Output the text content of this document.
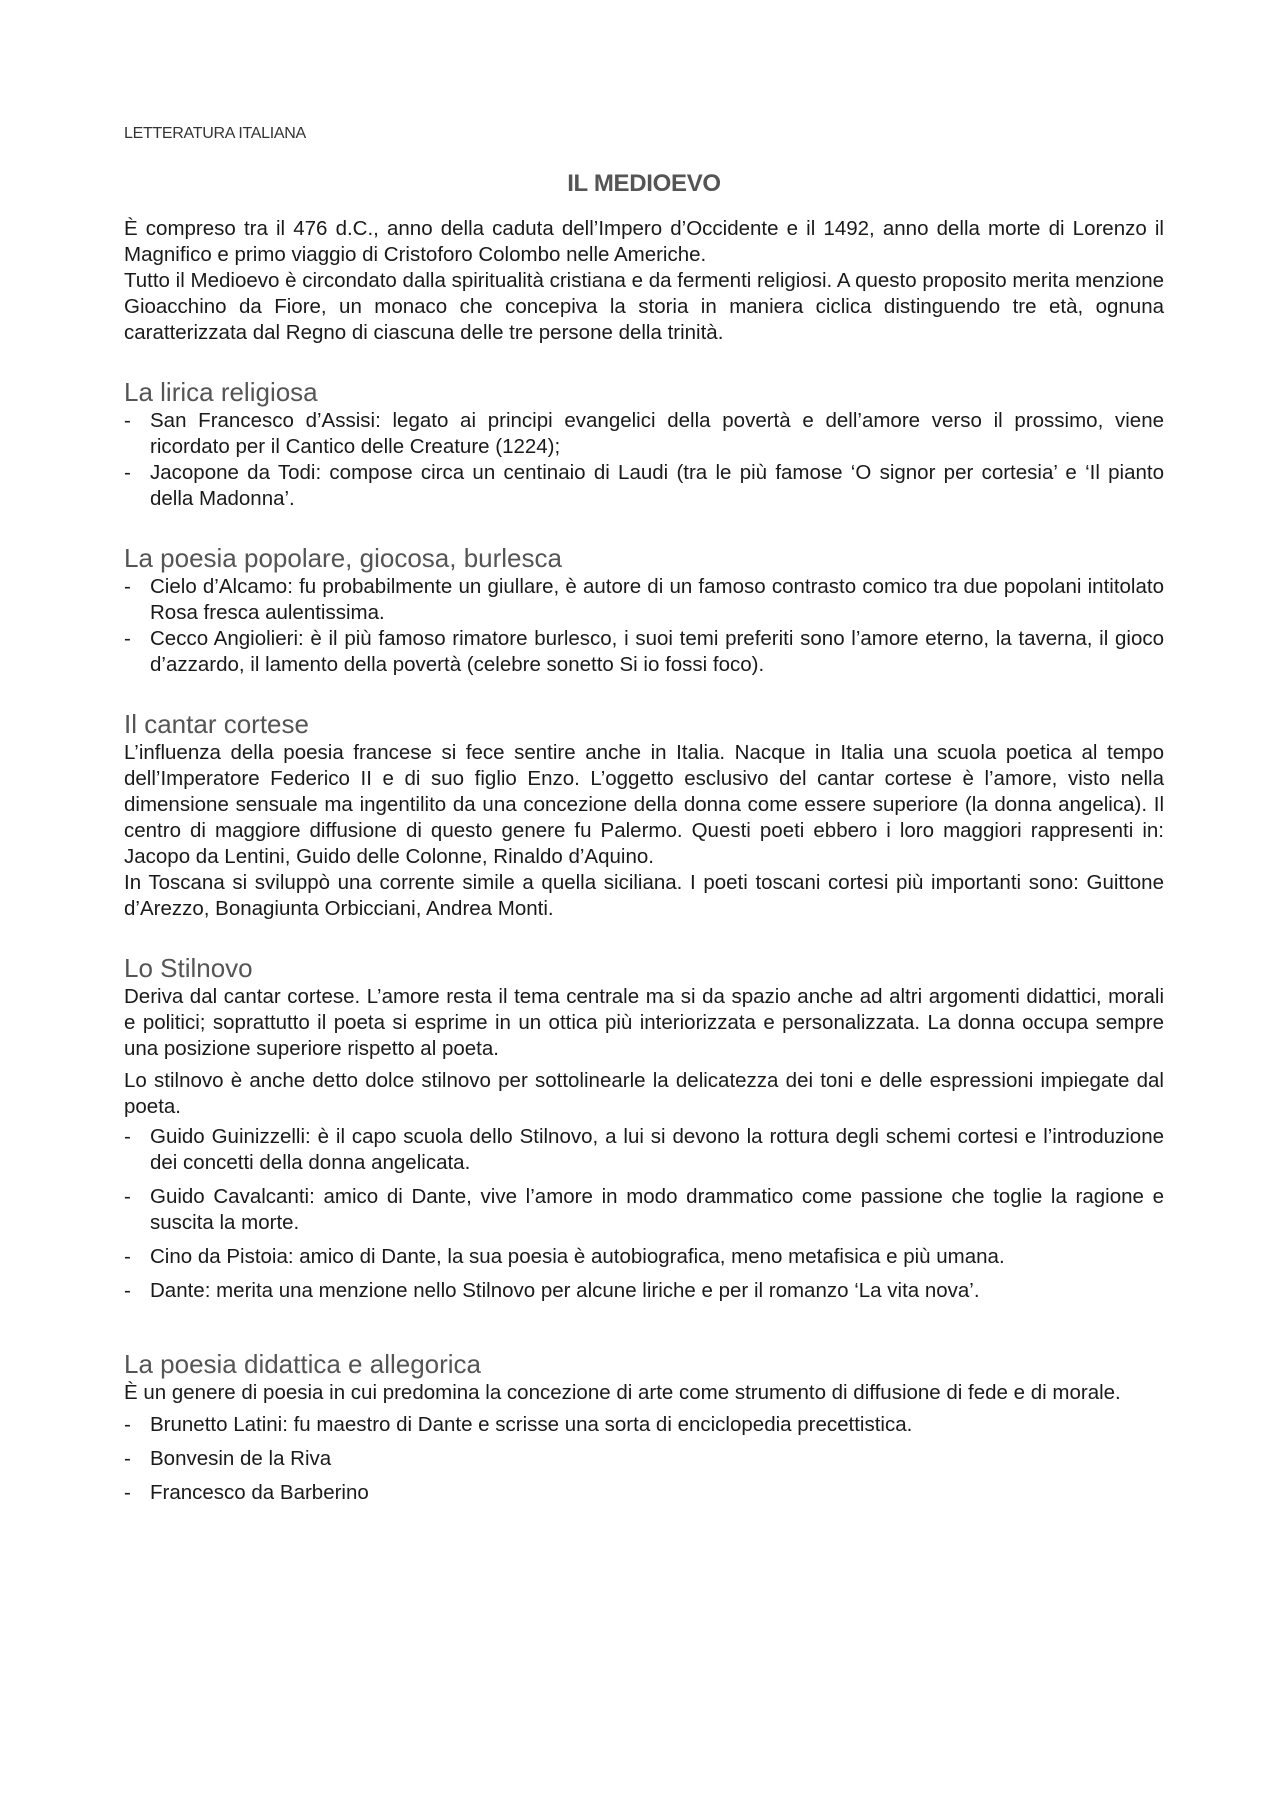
LETTERATURA ITALIANA
IL MEDIOEVO

È compreso tra il 476 d.C., anno della caduta dell’Impero d’Occidente e il 1492, anno della morte di Lorenzo il Magnifico e primo viaggio di Cristoforo Colombo nelle Americhe.

Tutto il Medioevo è circondato dalla spiritualità cristiana e da fermenti religiosi. A questo proposito merita menzione Gioacchino da Fiore, un monaco che concepiva la storia in maniera ciclica distinguendo tre età, ognuna caratterizzata dal Regno di ciascuna delle tre persone della trinità.

La lirica religiosa
- San Francesco d’Assisi: legato ai principi evangelici della povertà e dell’amore verso il prossimo, viene ricordato per il Cantico delle Creature (1224);
- Jacopone da Todi: compose circa un centinaio di Laudi (tra le più famose ‘O signor per cortesia’ e ‘Il pianto della Madonna’.
La poesia popolare, giocosa, burlesca
- Cielo d’Alcamo: fu probabilmente un giullare, è autore di un famoso contrasto comico tra due popolani intitolato Rosa fresca aulentissima.
- Cecco Angiolieri: è il più famoso rimatore burlesco, i suoi temi preferiti sono l’amore eterno, la taverna, il gioco d’azzardo, il lamento della povertà (celebre sonetto Si io fossi foco).
Il cantar cortese

L’influenza della poesia francese si fece sentire anche in Italia. Nacque in Italia una scuola poetica al tempo dell’Imperatore Federico II e di suo figlio Enzo. L’oggetto esclusivo del cantar cortese è l’amore, visto nella dimensione sensuale ma ingentilito da una concezione della donna come essere superiore (la donna angelica). Il centro di maggiore diffusione di questo genere fu Palermo. Questi poeti ebbero i loro maggiori rappresenti in: Jacopo da Lentini, Guido delle Colonne, Rinaldo d’Aquino.

In Toscana si sviluppò una corrente simile a quella siciliana. I poeti toscani cortesi più importanti sono: Guittone d’Arezzo, Bonagiunta Orbicciani, Andrea Monti.

Lo Stilnovo

Deriva dal cantar cortese. L’amore resta il tema centrale ma si da spazio anche ad altri argomenti didattici, morali e politici; soprattutto il poeta si esprime in un ottica più interiorizzata e personalizzata. La donna occupa sempre una posizione superiore rispetto al poeta.

Lo stilnovo è anche detto dolce stilnovo per sottolinearle la delicatezza dei toni e delle espressioni impiegate dal poeta.

- Guido Guinizzelli: è il capo scuola dello Stilnovo, a lui si devono la rottura degli schemi cortesi e l’introduzione dei concetti della donna angelicata.
- Guido Cavalcanti: amico di Dante, vive l’amore in modo drammatico come passione che toglie la ragione e suscita la morte.
- Cino da Pistoia: amico di Dante, la sua poesia è autobiografica, meno metafisica e più umana.
- Dante: merita una menzione nello Stilnovo per alcune liriche e per il romanzo ‘La vita nova’.
La poesia didattica e allegorica

È un genere di poesia in cui predomina la concezione di arte come strumento di diffusione di fede e di morale.

- Brunetto Latini: fu maestro di Dante e scrisse una sorta di enciclopedia precettistica.
- Bonvesin de la Riva
- Francesco da Barberino
